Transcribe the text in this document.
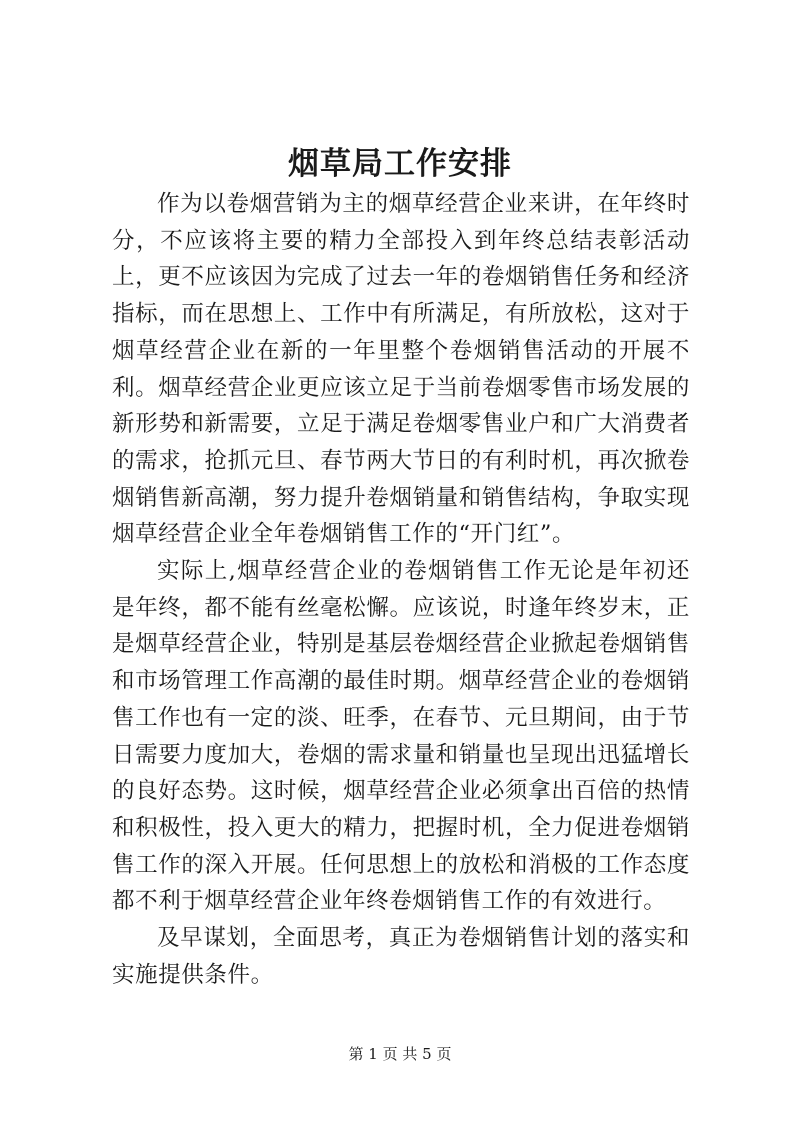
烟草局工作安排

作为以卷烟营销为主的烟草经营企业来讲，在年终时分，不应该将主要的精力全部投入到年终总结表彰活动上，更不应该因为完成了过去一年的卷烟销售任务和经济指标，而在思想上、工作中有所满足，有所放松，这对于烟草经营企业在新的一年里整个卷烟销售活动的开展不利。烟草经营企业更应该立足于当前卷烟零售市场发展的新形势和新需要，立足于满足卷烟零售业户和广大消费者的需求，抢抓元旦、春节两大节日的有利时机，再次掀卷烟销售新高潮，努力提升卷烟销量和销售结构，争取实现烟草经营企业全年卷烟销售工作的“开门红”。

实际上,烟草经营企业的卷烟销售工作无论是年初还是年终，都不能有丝毫松懈。应该说，时逢年终岁末，正是烟草经营企业，特别是基层卷烟经营企业掀起卷烟销售和市场管理工作高潮的最佳时期。烟草经营企业的卷烟销售工作也有一定的淡、旺季，在春节、元旦期间，由于节日需要力度加大，卷烟的需求量和销量也呈现出迅猛增长的良好态势。这时候，烟草经营企业必须拿出百倍的热情和积极性，投入更大的精力，把握时机，全力促进卷烟销售工作的深入开展。任何思想上的放松和消极的工作态度都不利于烟草经营企业年终卷烟销售工作的有效进行。

及早谋划，全面思考，真正为卷烟销售计划的落实和实施提供条件。

第 1 页 共 5 页
